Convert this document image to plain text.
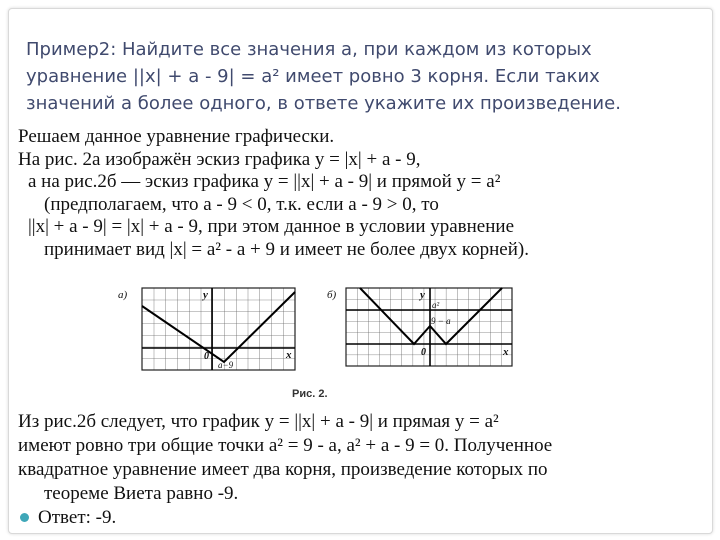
Пример2: Найдите все значения a, при каждом из которых

уравнение ||x| + a - 9| = a² имеет ровно 3 корня. Если таких

значений a более одного, в ответе укажите их произведение.

Решаем данное уравнение графически.

На рис. 2а изображён эскиз графика y = |x| + a - 9,

а на рис.2б — эскиз графика y = ||x| + a - 9| и прямой y = a²

(предполагаем, что a - 9 < 0, т.к. если a - 9 > 0, то

||x| + a - 9| = |x| + a - 9, при этом данное в условии уравнение

принимает вид |x| = a² - a + 9 и имеет не более двух корней).

а)	y
0	x
a−9
б)	y
a²
9 − a
0	x
Рис. 2.

Из рис.2б следует, что график y = ||x| + a - 9| и прямая y = a²

имеют ровно три общие точки a² = 9 - a, a² + a - 9 = 0. Полученное

квадратное уравнение имеет два корня, произведение которых по

теореме Виета равно -9.

Ответ: -9.
